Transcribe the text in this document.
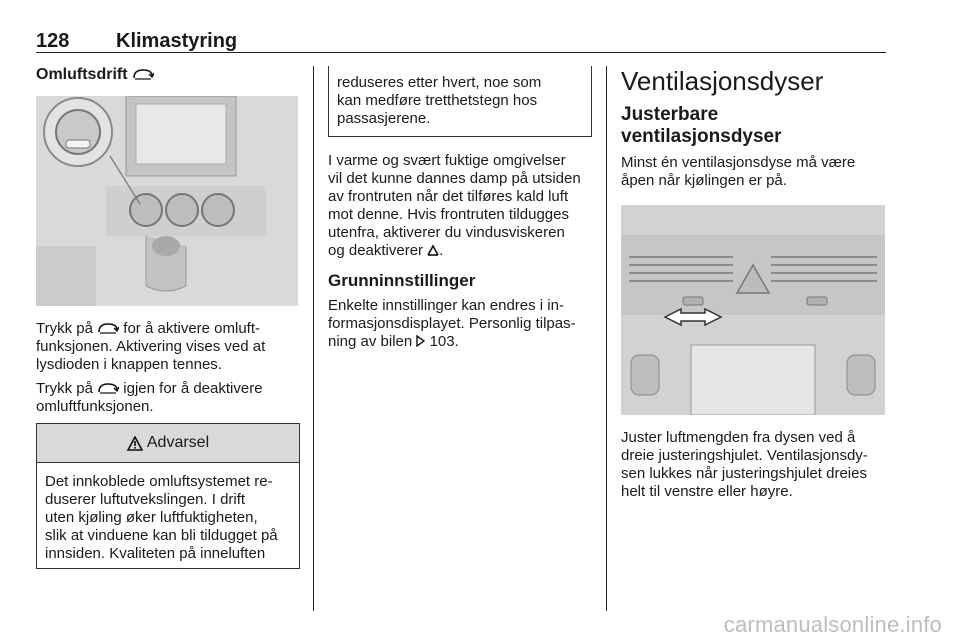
128 Klimastyring

Omluftsdrift

Trykk på  for å aktivere omluft-
funksjonen. Aktivering vises ved at
lysdioden i knappen tennes.

Trykk på  igjen for å deaktivere
omluftfunksjonen.

Advarsel

Det innkoblede omluftsystemet re-
duserer luftutvekslingen. I drift
uten kjøling øker luftfuktigheten,
slik at vinduene kan bli tildugget på
innsiden. Kvaliteten på inneluften

reduseres etter hvert, noe som
kan medføre tretthetstegn hos
passasjerene.

I varme og svært fuktige omgivelser
vil det kunne dannes damp på utsiden
av frontruten når det tilføres kald luft
mot denne. Hvis frontruten tildugges
utenfra, aktiverer du vindusviskeren
og deaktiverer .

Grunninnstillinger

Enkelte innstillinger kan endres i in-
formasjonsdisplayet. Personlig tilpas-
ning av bilen  103.

Ventilasjonsdyser

Justerbare
ventilasjonsdyser

Minst én ventilasjonsdyse må være
åpen når kjølingen er på.

Juster luftmengden fra dysen ved å
dreie justeringshjulet. Ventilasjonsdy-
sen lukkes når justeringshjulet dreies
helt til venstre eller høyre.

carmanualsonline.info
